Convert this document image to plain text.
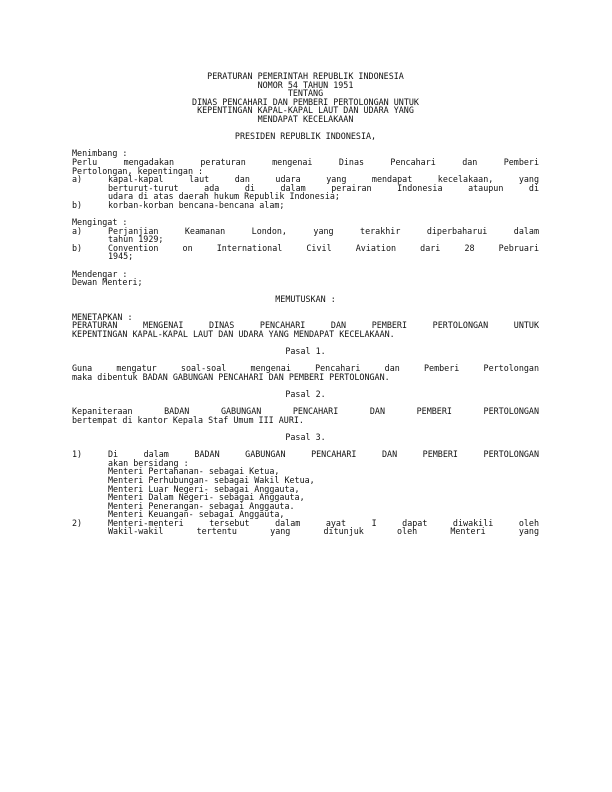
PERATURAN PEMERINTAH REPUBLIK INDONESIA
NOMOR 54 TAHUN 1951
TENTANG
DINAS PENCAHARI DAN PEMBERI PERTOLONGAN UNTUK
KEPENTINGAN KAPAL-KAPAL LAUT DAN UDARA YANG
MENDAPAT KECELAKAAN
PRESIDEN REPUBLIK INDONESIA,
Menimbang :
Perlu mengadakan peraturan mengenai Dinas Pencahari dan Pemberi
Pertolongan, kepentingan :
a)	kapal-kapal laut dan udara yang mendapat kecelakaan, yang
berturut-turut ada di dalam perairan Indonesia ataupun di
udara di atas daerah hukum Republik Indonesia;
b)	korban-korban bencana-bencana alam;
Mengingat :
a)	Perjanjian Keamanan London, yang terakhir diperbaharui dalam
tahun 1929;
b)	Convention on International Civil Aviation dari 28 Pebruari
1945;
Mendengar :
Dewan Menteri;
MEMUTUSKAN :
MENETAPKAN :
PERATURAN MENGENAI DINAS PENCAHARI DAN PEMBERI PERTOLONGAN UNTUK
KEPENTINGAN KAPAL-KAPAL LAUT DAN UDARA YANG MENDAPAT KECELAKAAN.
Pasal 1.
Guna mengatur soal-soal mengenai Pencahari dan Pemberi Pertolongan
maka dibentuk BADAN GABUNGAN PENCAHARI DAN PEMBERI PERTOLONGAN.
Pasal 2.
Kepaniteraan BADAN GABUNGAN PENCAHARI DAN PEMBERI PERTOLONGAN
bertempat di kantor Kepala Staf Umum III AURI.
Pasal 3.
1)	Di dalam BADAN GABUNGAN PENCAHARI DAN PEMBERI PERTOLONGAN
akan bersidang :
Menteri Pertahanan- sebagai Ketua,
Menteri Perhubungan- sebagai Wakil Ketua,
Menteri Luar Negeri- sebagai Anggauta,
Menteri Dalam Negeri- sebagai Anggauta,
Menteri Penerangan- sebagai Anggauta.
Menteri Keuangan- sebagai Anggauta,
2)	Menteri-menteri tersebut dalam ayat I dapat diwakili oleh
Wakil-wakil tertentu yang ditunjuk oleh Menteri yang
